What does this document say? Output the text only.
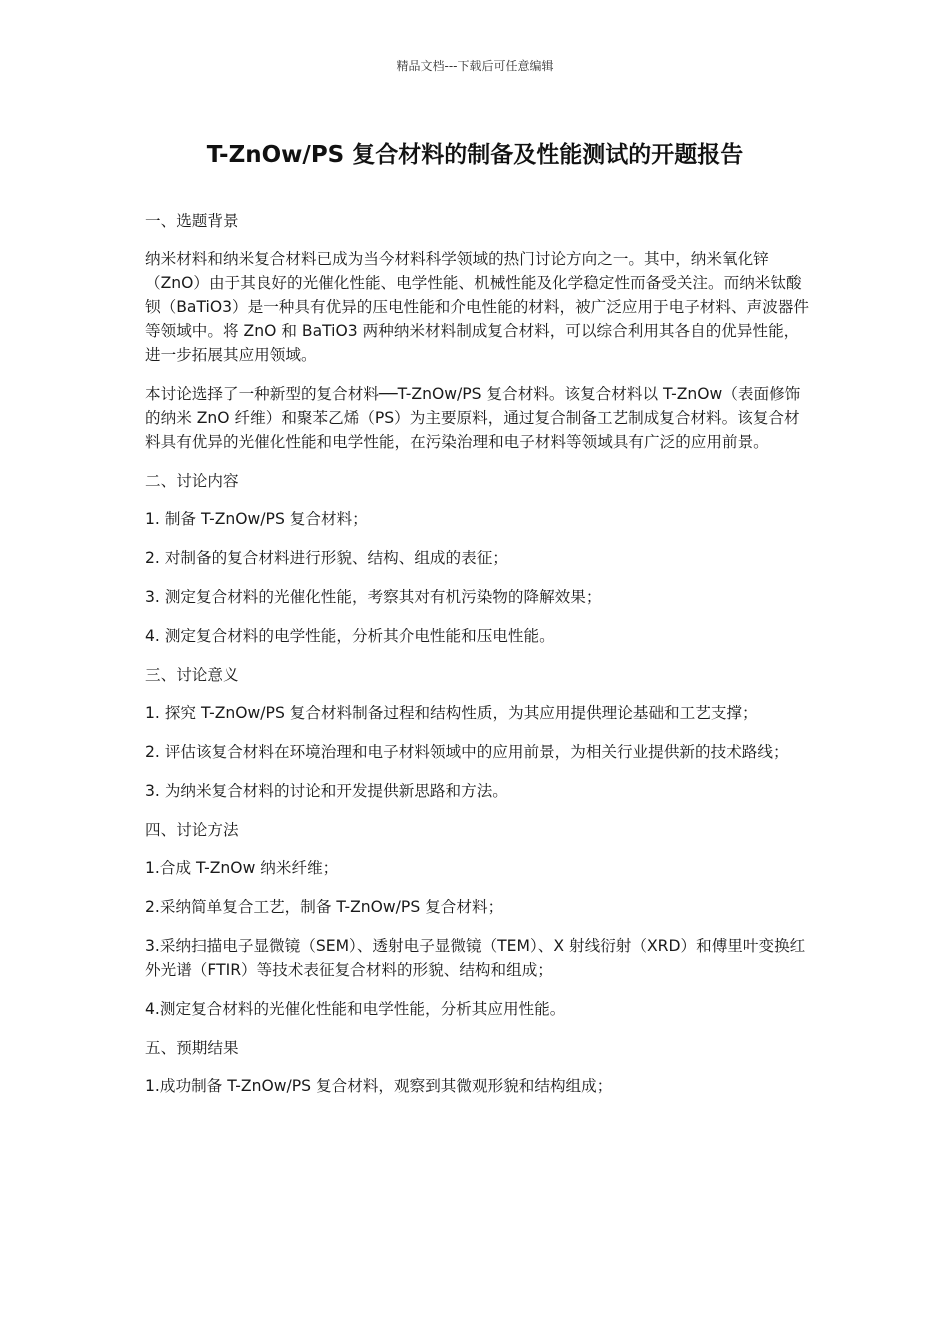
精品文档---下载后可任意编辑
T-ZnOw/PS 复合材料的制备及性能测试的开题报告

一、选题背景

纳米材料和纳米复合材料已成为当今材料科学领域的热门讨论方向之一。其中，纳米氧化锌（ZnO）由于其良好的光催化性能、电学性能、机械性能及化学稳定性而备受关注。而纳米钛酸钡（BaTiO3）是一种具有优异的压电性能和介电性能的材料，被广泛应用于电子材料、声波器件等领域中。将 ZnO 和 BaTiO3 两种纳米材料制成复合材料，可以综合利用其各自的优异性能，进一步拓展其应用领域。

本讨论选择了一种新型的复合材料──T-ZnOw/PS 复合材料。该复合材料以 T-ZnOw（表面修饰的纳米 ZnO 纤维）和聚苯乙烯（PS）为主要原料，通过复合制备工艺制成复合材料。该复合材料具有优异的光催化性能和电学性能，在污染治理和电子材料等领域具有广泛的应用前景。

二、讨论内容

1. 制备 T-ZnOw/PS 复合材料；

2. 对制备的复合材料进行形貌、结构、组成的表征；

3. 测定复合材料的光催化性能，考察其对有机污染物的降解效果；

4. 测定复合材料的电学性能，分析其介电性能和压电性能。

三、讨论意义

1. 探究 T-ZnOw/PS 复合材料制备过程和结构性质，为其应用提供理论基础和工艺支撑；

2. 评估该复合材料在环境治理和电子材料领域中的应用前景，为相关行业提供新的技术路线；

3. 为纳米复合材料的讨论和开发提供新思路和方法。

四、讨论方法

1.合成 T-ZnOw 纳米纤维；

2.采纳简单复合工艺，制备 T-ZnOw/PS 复合材料；

3.采纳扫描电子显微镜（SEM）、透射电子显微镜（TEM）、X 射线衍射（XRD）和傅里叶变换红外光谱（FTIR）等技术表征复合材料的形貌、结构和组成；

4.测定复合材料的光催化性能和电学性能，分析其应用性能。

五、预期结果

1.成功制备 T-ZnOw/PS 复合材料，观察到其微观形貌和结构组成；
